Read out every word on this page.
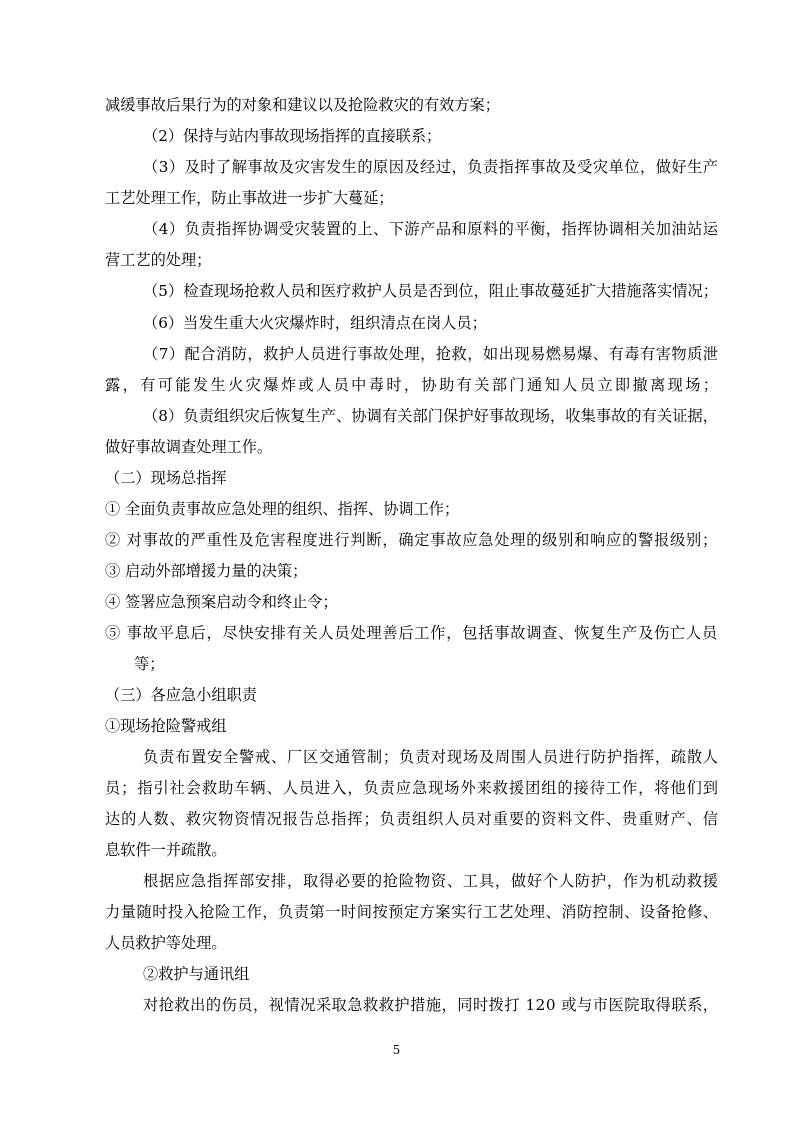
减缓事故后果行为的对象和建议以及抢险救灾的有效方案；
（2）保持与站内事故现场指挥的直接联系；
（3）及时了解事故及灾害发生的原因及经过，负责指挥事故及受灾单位，做好生产
工艺处理工作，防止事故进一步扩大蔓延；
（4）负责指挥协调受灾装置的上、下游产品和原料的平衡，指挥协调相关加油站运
营工艺的处理；
（5）检查现场抢救人员和医疗救护人员是否到位，阻止事故蔓延扩大措施落实情况；
（6）当发生重大火灾爆炸时，组织清点在岗人员；
（7）配合消防，救护人员进行事故处理，抢救，如出现易燃易爆、有毒有害物质泄
露，有可能发生火灾爆炸或人员中毒时，协助有关部门通知人员立即撤离现场；
（8）负责组织灾后恢复生产、协调有关部门保护好事故现场，收集事故的有关证据，
做好事故调查处理工作。
（二）现场总指挥
① 全面负责事故应急处理的组织、指挥、协调工作；
② 对事故的严重性及危害程度进行判断，确定事故应急处理的级别和响应的警报级别；
③ 启动外部增援力量的决策；
④ 签署应急预案启动令和终止令；
⑤ 事故平息后，尽快安排有关人员处理善后工作，包括事故调查、恢复生产及伤亡人员
等；
（三）各应急小组职责
①现场抢险警戒组
负责布置安全警戒、厂区交通管制；负责对现场及周围人员进行防护指挥，疏散人
员；指引社会救助车辆、人员进入，负责应急现场外来救援团组的接待工作，将他们到
达的人数、救灾物资情况报告总指挥；负责组织人员对重要的资料文件、贵重财产、信
息软件一并疏散。
根据应急指挥部安排，取得必要的抢险物资、工具，做好个人防护，作为机动救援
力量随时投入抢险工作，负责第一时间按预定方案实行工艺处理、消防控制、设备抢修、
人员救护等处理。
②救护与通讯组
对抢救出的伤员，视情况采取急救救护措施，同时拨打 120 或与市医院取得联系，
5
